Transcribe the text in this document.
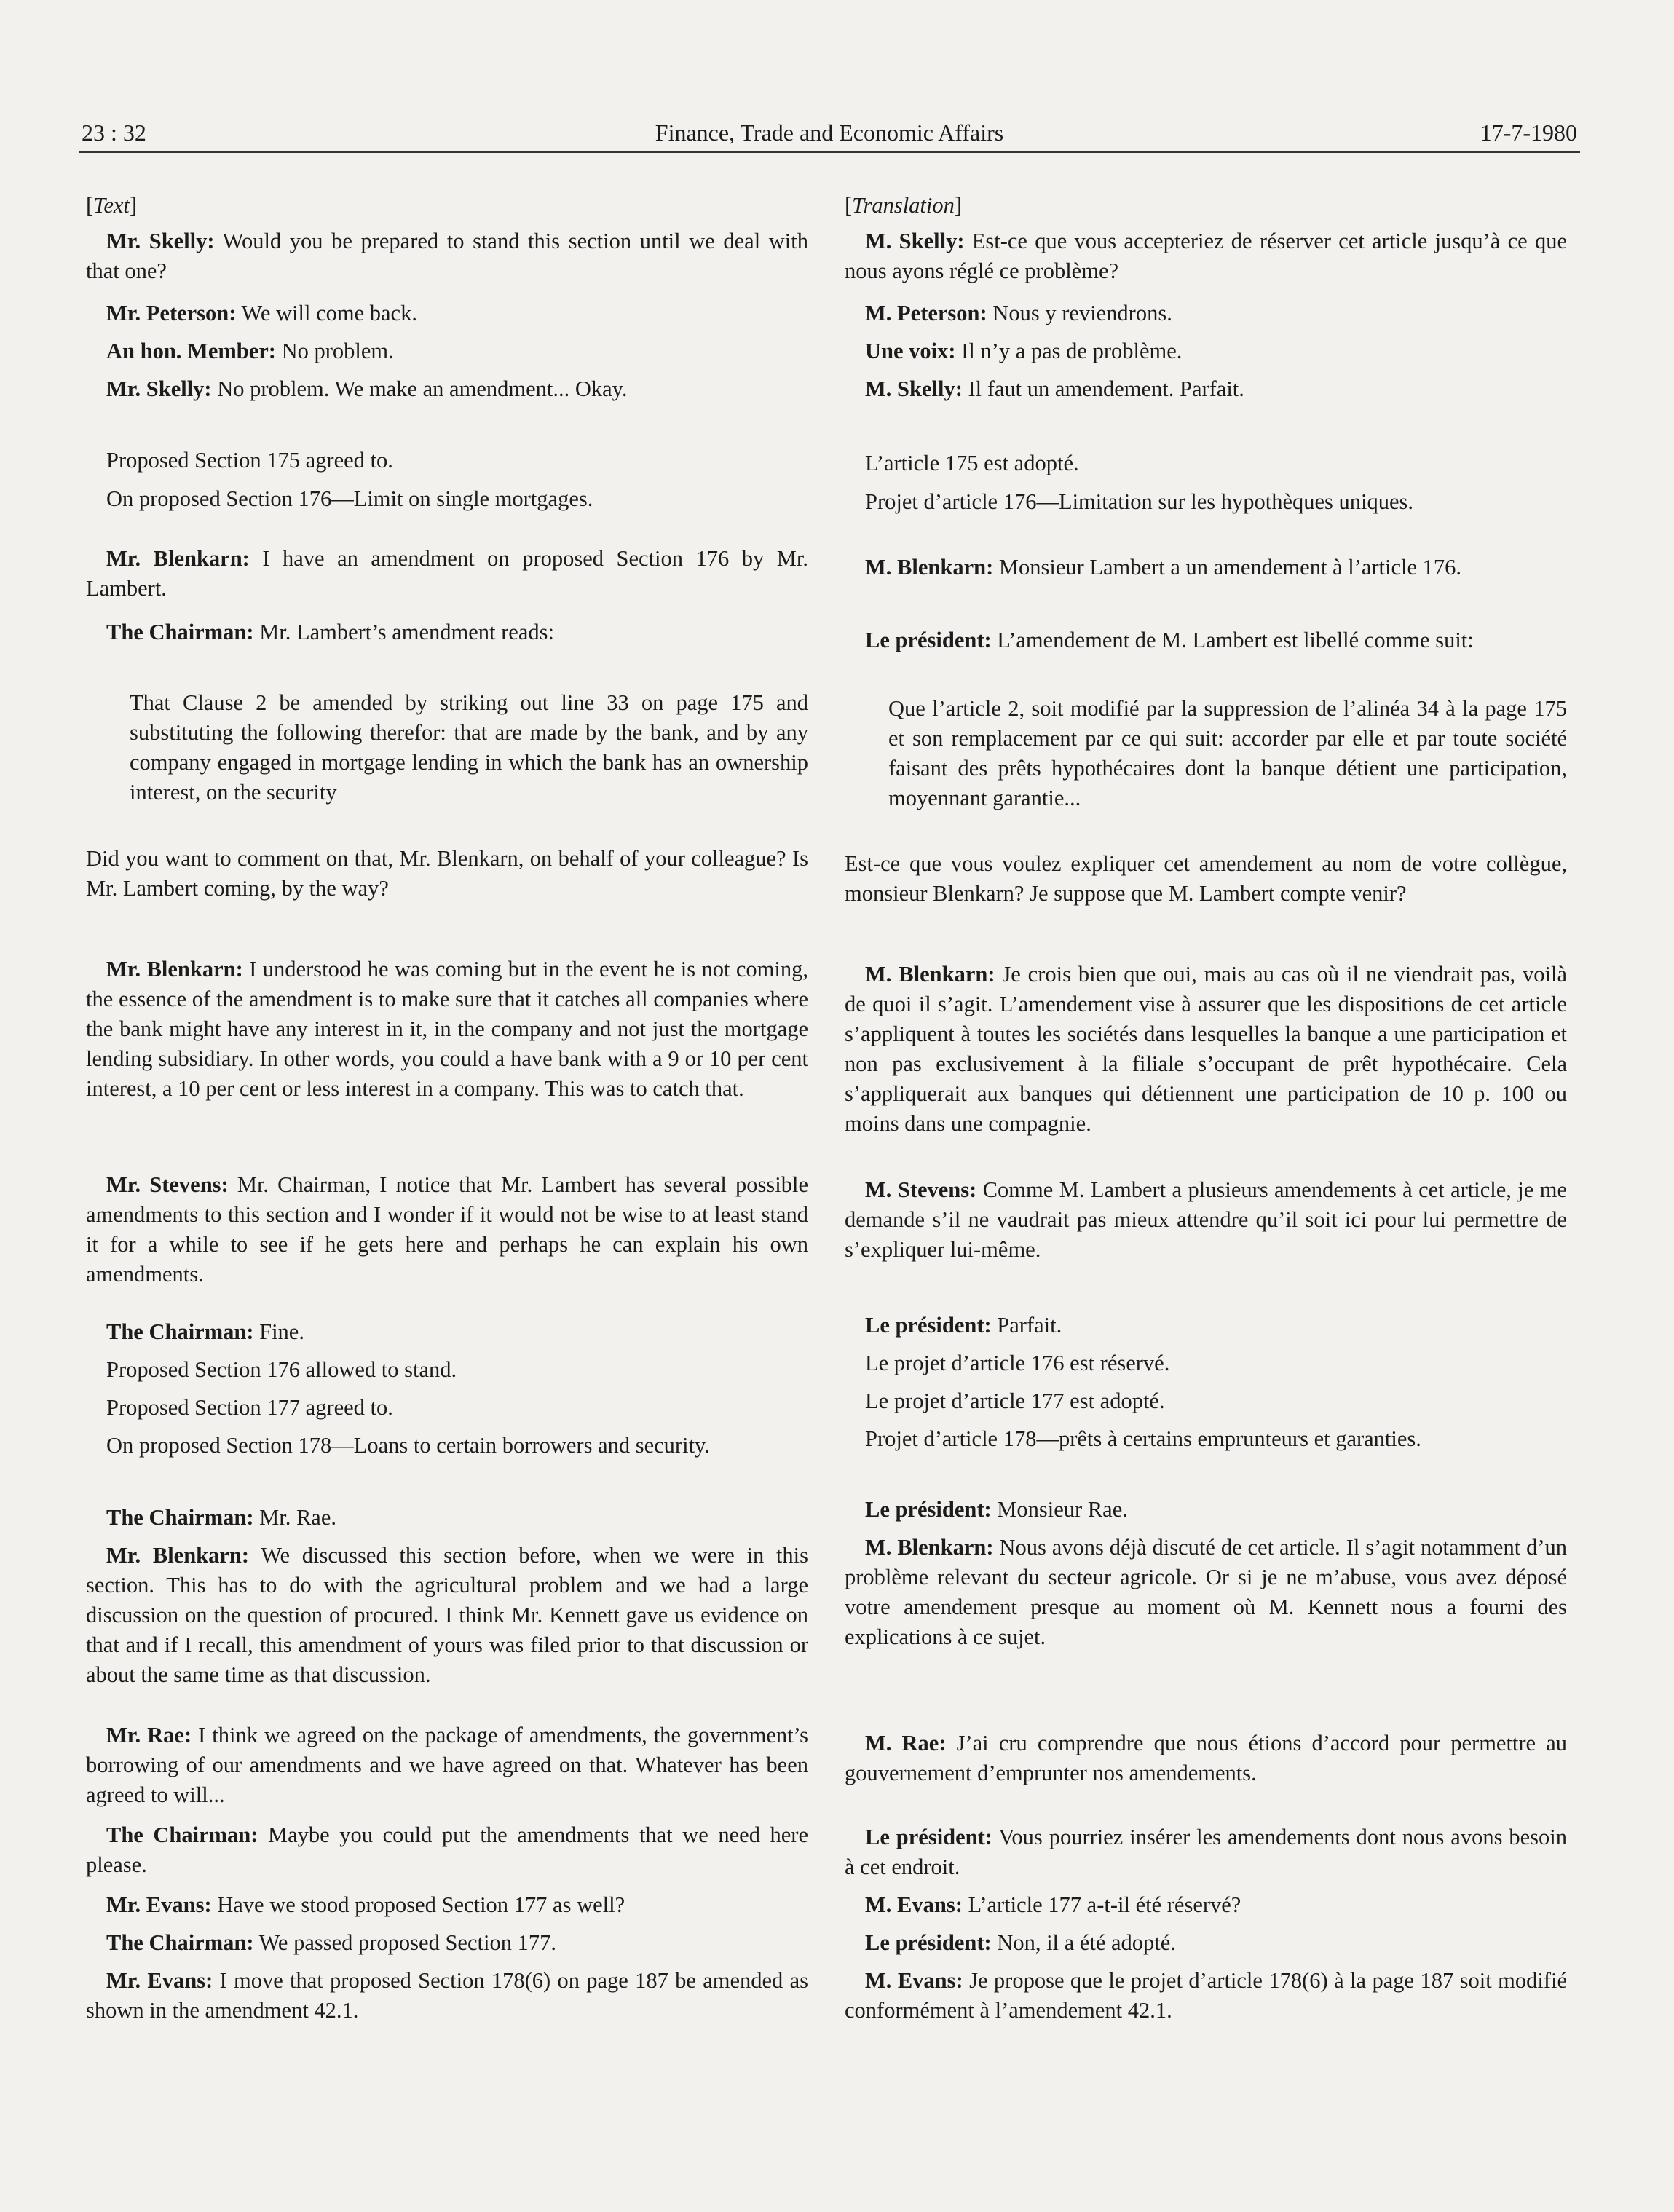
23 : 32	Finance, Trade and Economic Affairs	17-7-1980

[Text]

Mr. Skelly: Would you be prepared to stand this section until we deal with that one?

Mr. Peterson: We will come back.

An hon. Member: No problem.

Mr. Skelly: No problem. We make an amendment... Okay.

Proposed Section 175 agreed to.

On proposed Section 176—Limit on single mortgages.

Mr. Blenkarn: I have an amendment on proposed Section 176 by Mr. Lambert.

The Chairman: Mr. Lambert’s amendment reads:

That Clause 2 be amended by striking out line 33 on page 175 and substituting the following therefor: that are made by the bank, and by any company engaged in mortgage lending in which the bank has an ownership interest, on the security

Did you want to comment on that, Mr. Blenkarn, on behalf of your colleague? Is Mr. Lambert coming, by the way?

Mr. Blenkarn: I understood he was coming but in the event he is not coming, the essence of the amendment is to make sure that it catches all companies where the bank might have any interest in it, in the company and not just the mortgage lending subsidiary. In other words, you could a have bank with a 9 or 10 per cent interest, a 10 per cent or less interest in a company. This was to catch that.

Mr. Stevens: Mr. Chairman, I notice that Mr. Lambert has several possible amendments to this section and I wonder if it would not be wise to at least stand it for a while to see if he gets here and perhaps he can explain his own amendments.

The Chairman: Fine.

Proposed Section 176 allowed to stand.

Proposed Section 177 agreed to.

On proposed Section 178—Loans to certain borrowers and security.

The Chairman: Mr. Rae.

Mr. Blenkarn: We discussed this section before, when we were in this section. This has to do with the agricultural problem and we had a large discussion on the question of procured. I think Mr. Kennett gave us evidence on that and if I recall, this amendment of yours was filed prior to that discussion or about the same time as that discussion.

Mr. Rae: I think we agreed on the package of amendments, the government’s borrowing of our amendments and we have agreed on that. Whatever has been agreed to will...

The Chairman: Maybe you could put the amendments that we need here please.

Mr. Evans: Have we stood proposed Section 177 as well?

The Chairman: We passed proposed Section 177.

Mr. Evans: I move that proposed Section 178(6) on page 187 be amended as shown in the amendment 42.1.

[Translation]

M. Skelly: Est-ce que vous accepteriez de réserver cet article jusqu’à ce que nous ayons réglé ce problème?

M. Peterson: Nous y reviendrons.

Une voix: Il n’y a pas de problème.

M. Skelly: Il faut un amendement. Parfait.

L’article 175 est adopté.

Projet d’article 176—Limitation sur les hypothèques uniques.

M. Blenkarn: Monsieur Lambert a un amendement à l’article 176.

Le président: L’amendement de M. Lambert est libellé comme suit:

Que l’article 2, soit modifié par la suppression de l’alinéa 34 à la page 175 et son remplacement par ce qui suit: accorder par elle et par toute société faisant des prêts hypothécaires dont la banque détient une participation, moyennant garantie...

Est-ce que vous voulez expliquer cet amendement au nom de votre collègue, monsieur Blenkarn? Je suppose que M. Lambert compte venir?

M. Blenkarn: Je crois bien que oui, mais au cas où il ne viendrait pas, voilà de quoi il s’agit. L’amendement vise à assurer que les dispositions de cet article s’appliquent à toutes les sociétés dans lesquelles la banque a une participation et non pas exclusivement à la filiale s’occupant de prêt hypothécaire. Cela s’appliquerait aux banques qui détiennent une participation de 10 p. 100 ou moins dans une compagnie.

M. Stevens: Comme M. Lambert a plusieurs amendements à cet article, je me demande s’il ne vaudrait pas mieux attendre qu’il soit ici pour lui permettre de s’expliquer lui-même.

Le président: Parfait.

Le projet d’article 176 est réservé.

Le projet d’article 177 est adopté.

Projet d’article 178—prêts à certains emprunteurs et garanties.

Le président: Monsieur Rae.

M. Blenkarn: Nous avons déjà discuté de cet article. Il s’agit notamment d’un problème relevant du secteur agricole. Or si je ne m’abuse, vous avez déposé votre amendement presque au moment où M. Kennett nous a fourni des explications à ce sujet.

M. Rae: J’ai cru comprendre que nous étions d’accord pour permettre au gouvernement d’emprunter nos amendements.

Le président: Vous pourriez insérer les amendements dont nous avons besoin à cet endroit.

M. Evans: L’article 177 a-t-il été réservé?

Le président: Non, il a été adopté.

M. Evans: Je propose que le projet d’article 178(6) à la page 187 soit modifié conformément à l’amendement 42.1.
